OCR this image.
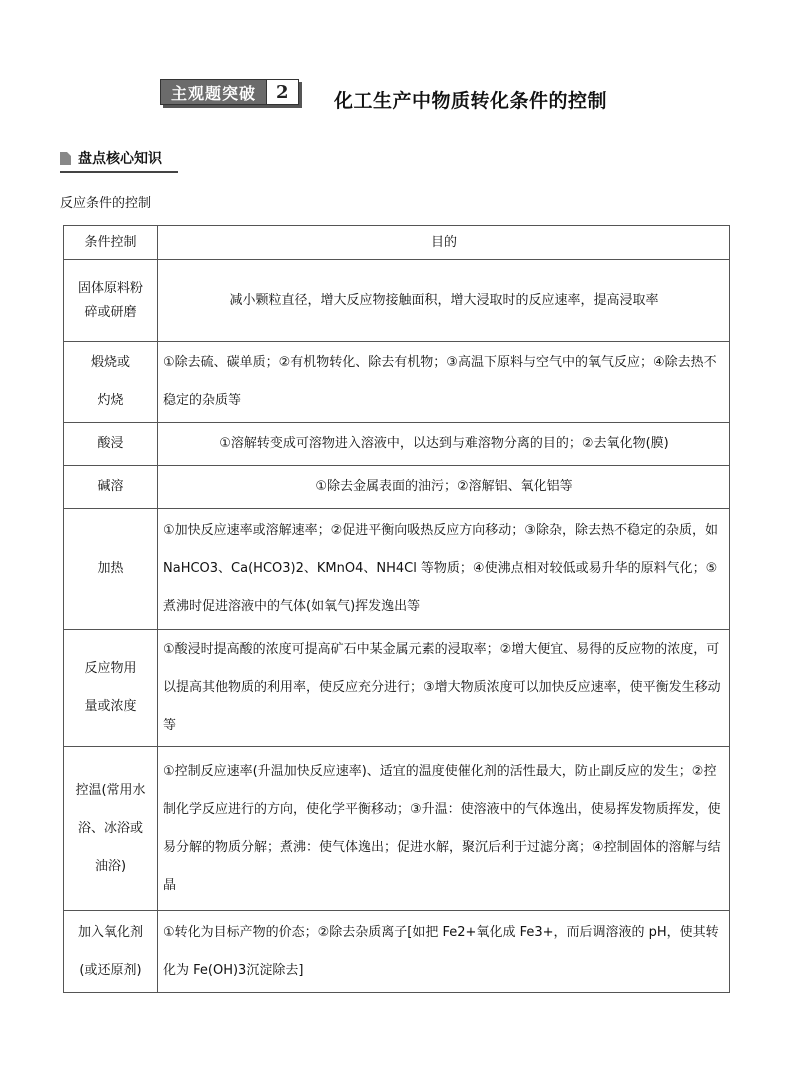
主观题突破	2	化工生产中物质转化条件的控制
盘点核心知识
反应条件的控制
条件控制	目的
固体原料粉碎或研磨	减小颗粒直径，增大反应物接触面积，增大浸取时的反应速率，提高浸取率
煅烧或灼烧	①除去硫、碳单质；②有机物转化、除去有机物；③高温下原料与空气中的氧气反应；④除去热不稳定的杂质等
酸浸	①溶解转变成可溶物进入溶液中，以达到与难溶物分离的目的；②去氧化物(膜)
碱溶	①除去金属表面的油污；②溶解铝、氧化铝等
加热	①加快反应速率或溶解速率；②促进平衡向吸热反应方向移动；③除杂，除去热不稳定的杂质，如 NaHCO3、Ca(HCO3)2、KMnO4、NH4Cl 等物质；④使沸点相对较低或易升华的原料气化；⑤煮沸时促进溶液中的气体(如氧气)挥发逸出等
反应物用量或浓度	①酸浸时提高酸的浓度可提高矿石中某金属元素的浸取率；②增大便宜、易得的反应物的浓度，可以提高其他物质的利用率，使反应充分进行；③增大物质浓度可以加快反应速率，使平衡发生移动等
控温(常用水浴、冰浴或油浴)	①控制反应速率(升温加快反应速率)、适宜的温度使催化剂的活性最大，防止副反应的发生；②控制化学反应进行的方向，使化学平衡移动；③升温：使溶液中的气体逸出，使易挥发物质挥发，使易分解的物质分解；煮沸：使气体逸出；促进水解，聚沉后利于过滤分离；④控制固体的溶解与结晶
加入氧化剂(或还原剂)	①转化为目标产物的价态；②除去杂质离子[如把 Fe2+氧化成 Fe3+，而后调溶液的 pH，使其转化为 Fe(OH)3沉淀除去]
